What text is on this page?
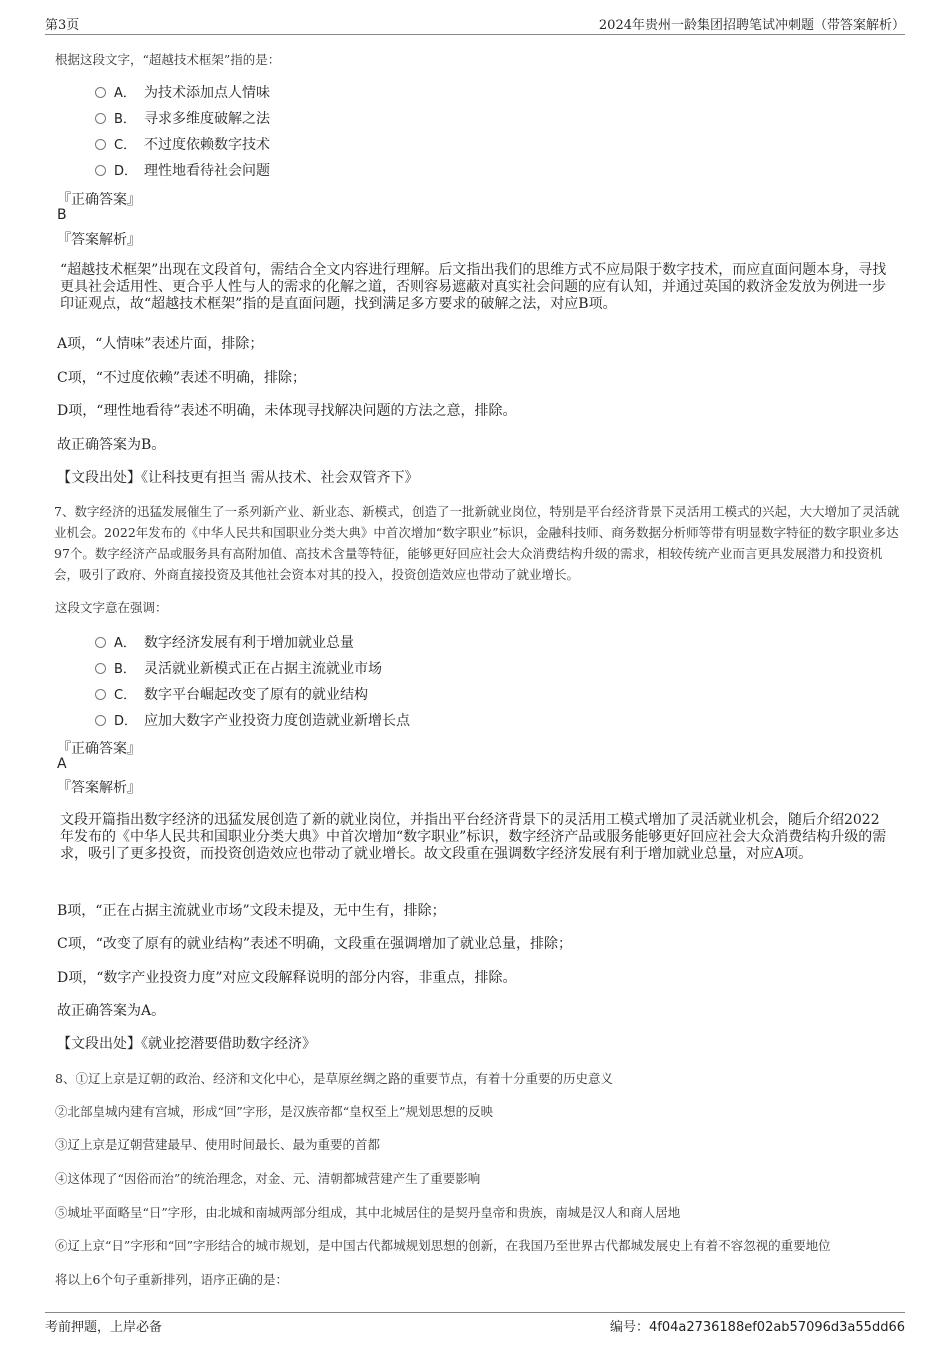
第3页	2024年贵州一龄集团招聘笔试冲刺题（带答案解析）
根据这段文字，“超越技术框架”指的是：
A． 为技术添加点人情味
B． 寻求多维度破解之法
C． 不过度依赖数字技术
D． 理性地看待社会问题
『正确答案』
B
『答案解析』
“超越技术框架”出现在文段首句，需结合全文内容进行理解。后文指出我们的思维方式不应局限于数字技术，而应直面问题本身，寻找更具社会适用性、更合乎人性与人的需求的化解之道，否则容易遮蔽对真实社会问题的应有认知，并通过英国的救济金发放为例进一步印证观点，故“超越技术框架”指的是直面问题，找到满足多方要求的破解之法，对应B项。
A项，“人情味”表述片面，排除；
C项，“不过度依赖”表述不明确，排除；
D项，“理性地看待”表述不明确，未体现寻找解决问题的方法之意，排除。
故正确答案为B。
【文段出处】《让科技更有担当 需从技术、社会双管齐下》
7、数字经济的迅猛发展催生了一系列新产业、新业态、新模式，创造了一批新就业岗位，特别是平台经济背景下灵活用工模式的兴起，大大增加了灵活就业机会。2022年发布的《中华人民共和国职业分类大典》中首次增加“数字职业”标识，金融科技师、商务数据分析师等带有明显数字特征的数字职业多达97个。数字经济产品或服务具有高附加值、高技术含量等特征，能够更好回应社会大众消费结构升级的需求，相较传统产业而言更具发展潜力和投资机会，吸引了政府、外商直接投资及其他社会资本对其的投入，投资创造效应也带动了就业增长。
这段文字意在强调：
A． 数字经济发展有利于增加就业总量
B． 灵活就业新模式正在占据主流就业市场
C． 数字平台崛起改变了原有的就业结构
D． 应加大数字产业投资力度创造就业新增长点
『正确答案』
A
『答案解析』
文段开篇指出数字经济的迅猛发展创造了新的就业岗位，并指出平台经济背景下的灵活用工模式增加了灵活就业机会，随后介绍2022年发布的《中华人民共和国职业分类大典》中首次增加“数字职业”标识，数字经济产品或服务能够更好回应社会大众消费结构升级的需求，吸引了更多投资，而投资创造效应也带动了就业增长。故文段重在强调数字经济发展有利于增加就业总量，对应A项。
B项，“正在占据主流就业市场”文段未提及，无中生有，排除；
C项，“改变了原有的就业结构”表述不明确，文段重在强调增加了就业总量，排除；
D项，“数字产业投资力度”对应文段解释说明的部分内容，非重点，排除。
故正确答案为A。
【文段出处】《就业挖潜要借助数字经济》
8、①辽上京是辽朝的政治、经济和文化中心，是草原丝绸之路的重要节点，有着十分重要的历史意义
②北部皇城内建有宫城，形成“回”字形，是汉族帝都“皇权至上”规划思想的反映
③辽上京是辽朝营建最早、使用时间最长、最为重要的首都
④这体现了“因俗而治”的统治理念，对金、元、清朝都城营建产生了重要影响
⑤城址平面略呈“日”字形，由北城和南城两部分组成，其中北城居住的是契丹皇帝和贵族，南城是汉人和商人居地
⑥辽上京“日”字形和“回”字形结合的城市规划，是中国古代都城规划思想的创新，在我国乃至世界古代都城发展史上有着不容忽视的重要地位
将以上6个句子重新排列，语序正确的是：
考前押题，上岸必备	编号：4f04a2736188ef02ab57096d3a55dd66
